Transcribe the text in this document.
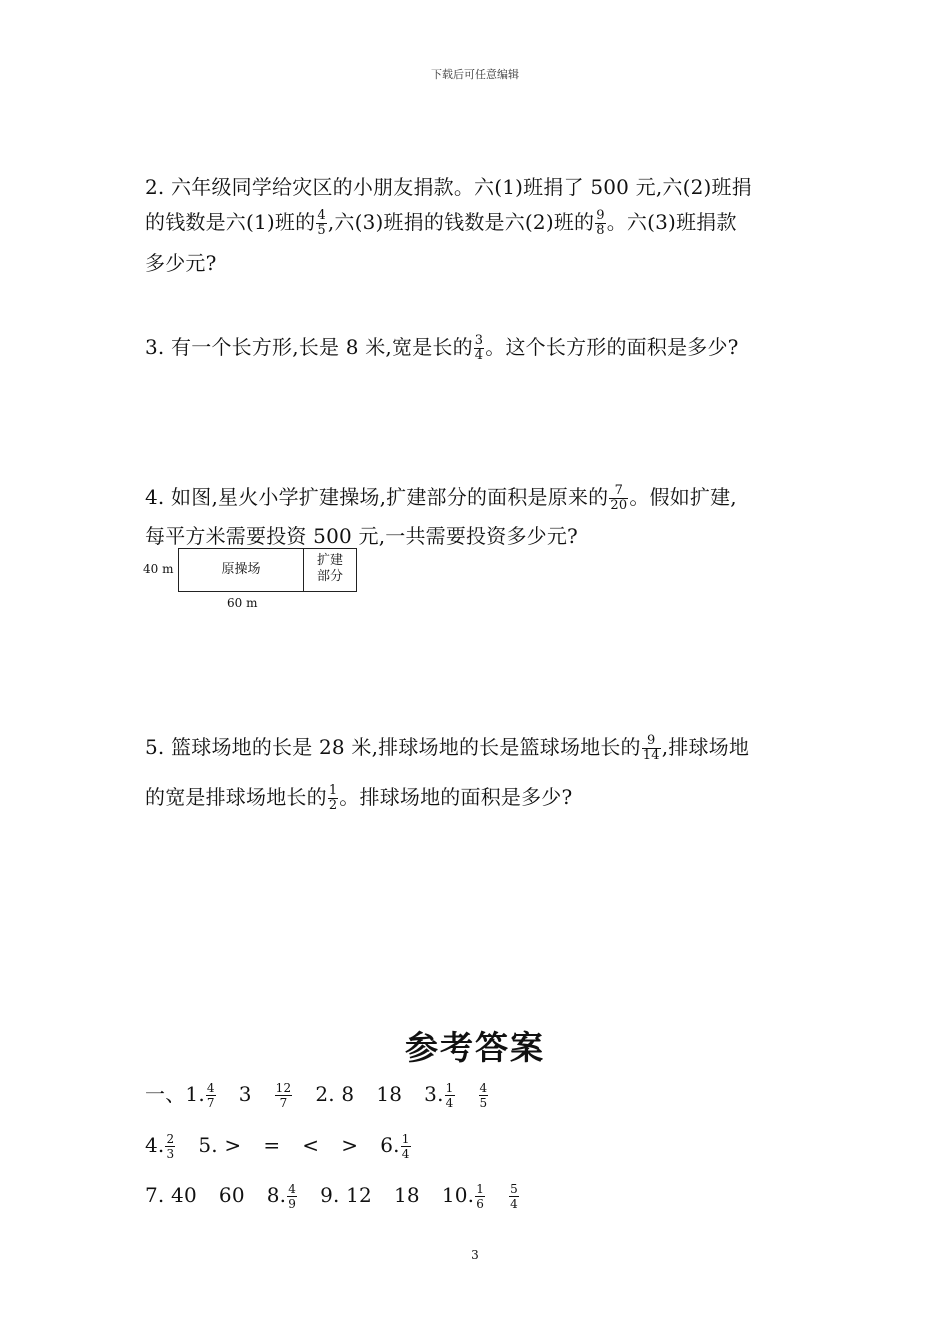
下载后可任意编辑
2. 六年级同学给灾区的小朋友捐款。六(1)班捐了 500 元,六(2)班捐
的钱数是六(1)班的 $\frac{4}{5}$ ,六(3)班捐的钱数是六(2)班的 $\frac{9}{8}$ 。六(3)班捐款
多少元?
3. 有一个长方形,长是 8 米,宽是长的 $\frac{3}{4}$ 。这个长方形的面积是多少?
4. 如图,星火小学扩建操场,扩建部分的面积是原来的 $\frac{7}{20}$ 。假如扩建,
每平方米需要投资 500 元,一共需要投资多少元?
40 m	原操场
扩建
部分
60 m
5. 篮球场地的长是 28 米,排球场地的长是篮球场地长的 $\frac{9}{14}$ ,排球场地
的宽是排球场地长的 $\frac{1}{2}$ 。排球场地的面积是多少?
参考答案
一、1. $\frac{4}{7} 3 \frac{12}{7} 2$. 8 18 3. $\frac{1}{4} \frac{4}{5}$
4. $\frac{2}{3} 5$. > = < > 6. $\frac{1}{4}$
7. 40 60 8. $\frac{4}{9} 9$. 12 18 10. $\frac{1}{6} \frac{5}{4}$
3
